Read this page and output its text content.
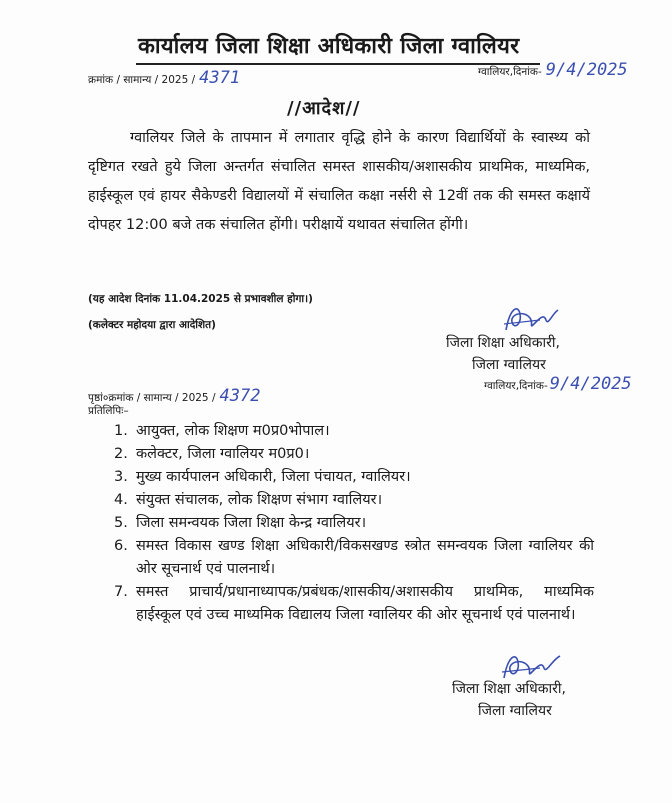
कार्यालय जिला शिक्षा अधिकारी जिला ग्वालियर
क्रमांक / सामान्य / 2025 / 4371	ग्वालियर,दिनांक- 9/4/2025
//आदेश//
ग्वालियर जिले के तापमान में लगातार वृद्धि होने के कारण विद्यार्थियों के स्वास्थ्य को दृष्टिगत रखते हुये जिला अन्तर्गत संचालित समस्त शासकीय/अशासकीय प्राथमिक, माध्यमिक, हाईस्कूल एवं हायर सैकेण्डरी विद्यालयों में संचालित कक्षा नर्सरी से 12वीं तक की समस्त कक्षायें दोपहर 12:00 बजे तक संचालित होंगी। परीक्षायें यथावत संचालित होंगी।
(यह आदेश दिनांक 11.04.2025 से प्रभावशील होगा।)
(कलेक्टर महोदया द्वारा आदेशित)
जिला शिक्षा अधिकारी,
जिला ग्वालियर
ग्वालियर,दिनांक- 9/4/2025
पृष्ठां०क्रमांक / सामान्य / 2025 / 4372
प्रतिलिपिः–
1. आयुक्त, लोक शिक्षण म0प्र0भोपाल।
2. कलेक्टर, जिला ग्वालियर म0प्र0।
3. मुख्य कार्यपालन अधिकारी, जिला पंचायत, ग्वालियर।
4. संयुक्त संचालक, लोक शिक्षण संभाग ग्वालियर।
5. जिला समन्वयक जिला शिक्षा केन्द्र ग्वालियर।
6. समस्त विकास खण्ड शिक्षा अधिकारी/विकसखण्ड स्त्रोत समन्वयक जिला ग्वालियर की ओर सूचनार्थ एवं पालनार्थ।
7. समस्त प्राचार्य/प्रधानाध्यापक/प्रबंधक/शासकीय/अशासकीय प्राथमिक, माध्यमिक हाईस्कूल एवं उच्च माध्यमिक विद्यालय जिला ग्वालियर की ओर सूचनार्थ एवं पालनार्थ।
जिला शिक्षा अधिकारी,
जिला ग्वालियर
